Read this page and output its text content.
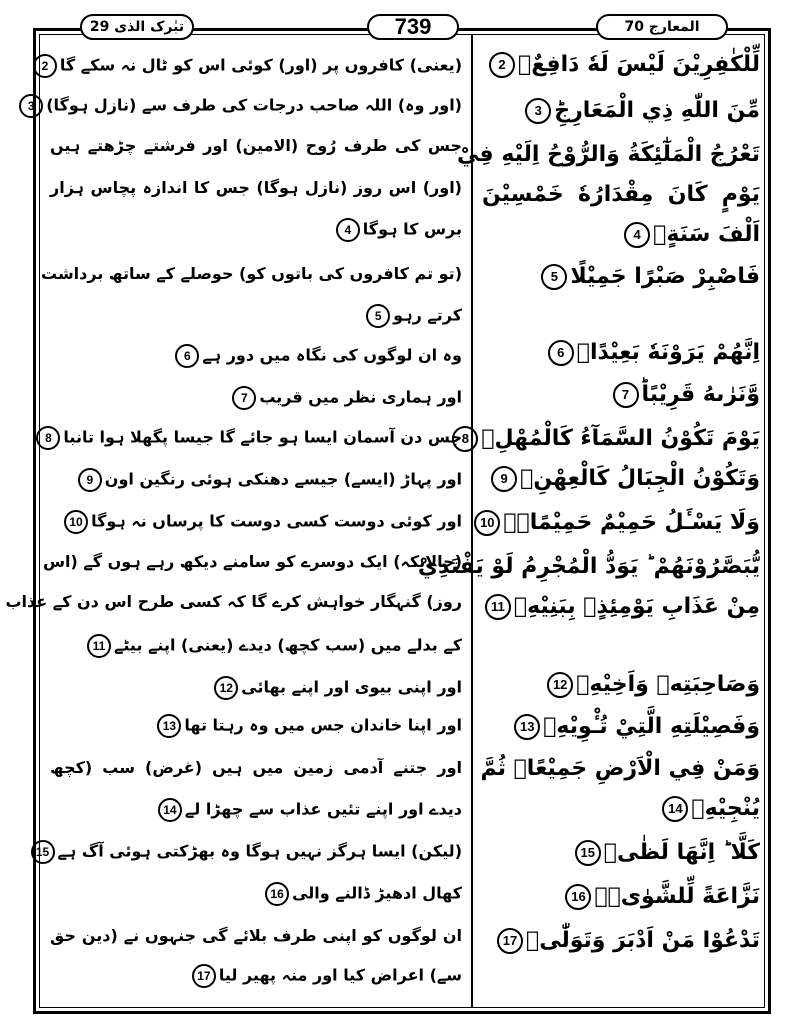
تبٰرک الذی 29	739	المعارج 70
لِّلْكٰفِرِيْنَ لَيْسَ لَهٗ دَافِعٌۙ2
مِّنَ اللّٰهِ ذِي الْمَعَارِجِؕ3
تَعْرُجُ الْمَلٰٓئِكَةُ وَالرُّوْحُ اِلَيْهِ فِيْ
يَوْمٍ كَانَ مِقْدَارُهٗ خَمْسِيْنَ
اَلْفَ سَنَةٍۚ4
فَاصْبِرْ صَبْرًا جَمِيْلًا5
اِنَّهُمْ يَرَوْنَهٗ بَعِيْدًاۙ6
وَّنَرٰىهُ قَرِيْبًاؕ7
يَوْمَ تَكُوْنُ السَّمَآءُ كَالْمُهْلِۙ8
وَتَكُوْنُ الْجِبَالُ كَالْعِهْنِۙ9
وَلَا يَسْـَٔلُ حَمِيْمٌ حَمِيْمًاۚۖ10
يُّبَصَّرُوْنَهُمْ ؕ يَوَدُّ الْمُجْرِمُ لَوْ يَفْتَدِيْ
مِنْ عَذَابِ يَوْمِئِذٍۢ بِبَنِيْهِۙ11
وَصَاحِبَتِهٖ وَاَخِيْهِۙ12
وَفَصِيْلَتِهِ الَّتِيْ تُـْٔوِيْهِۙ13
وَمَنْ فِي الْاَرْضِ جَمِيْعًاۙ ثُمَّ
يُنْجِيْهِۙ14
كَلَّا ؕ اِنَّهَا لَظٰىۙ15
نَزَّاعَةً لِّلشَّوٰىۚۖ16
تَدْعُوْا مَنْ اَدْبَرَ وَتَوَلّٰىۙ17
(یعنی) کافروں پر (اور) کوئی اس کو ٹال نہ سکے گا2
(اور وہ) اللہ صاحب درجات کی طرف سے (نازل ہوگا)3
جس کی طرف رُوح (الامین) اور فرشتے چڑھتے ہیں
(اور) اس روز (نازل ہوگا) جس کا اندازہ پچاس ہزار
برس کا ہوگا4
(تو تم کافروں کی باتوں کو) حوصلے کے ساتھ برداشت
کرتے رہو5
وہ ان لوگوں کی نگاہ میں دور ہے6
اور ہماری نظر میں قریب7
جس دن آسمان ایسا ہو جائے گا جیسا پگھلا ہوا تانبا8
اور پہاڑ (ایسے) جیسے دھنکی ہوئی رنگین اون9
اور کوئی دوست کسی دوست کا پرساں نہ ہوگا10
(حالانکہ) ایک دوسرے کو سامنے دیکھ رہے ہوں گے (اس
روز) گنہگار خواہش کرے گا کہ کسی طرح اس دن کے عذاب
کے بدلے میں (سب کچھ) دیدے (یعنی) اپنے بیٹے11
اور اپنی بیوی اور اپنے بھائی12
اور اپنا خاندان جس میں وہ رہتا تھا13
اور جتنے آدمی زمین میں ہیں (غرض) سب (کچھ
دیدے اور اپنے تئیں عذاب سے چھڑا لے14
(لیکن) ایسا ہرگز نہیں ہوگا وہ بھڑکتی ہوئی آگ ہے15
کھال ادھیڑ ڈالنے والی16
ان لوگوں کو اپنی طرف بلائے گی جنہوں نے (دین حق
سے) اعراض کیا اور منہ پھیر لیا17
